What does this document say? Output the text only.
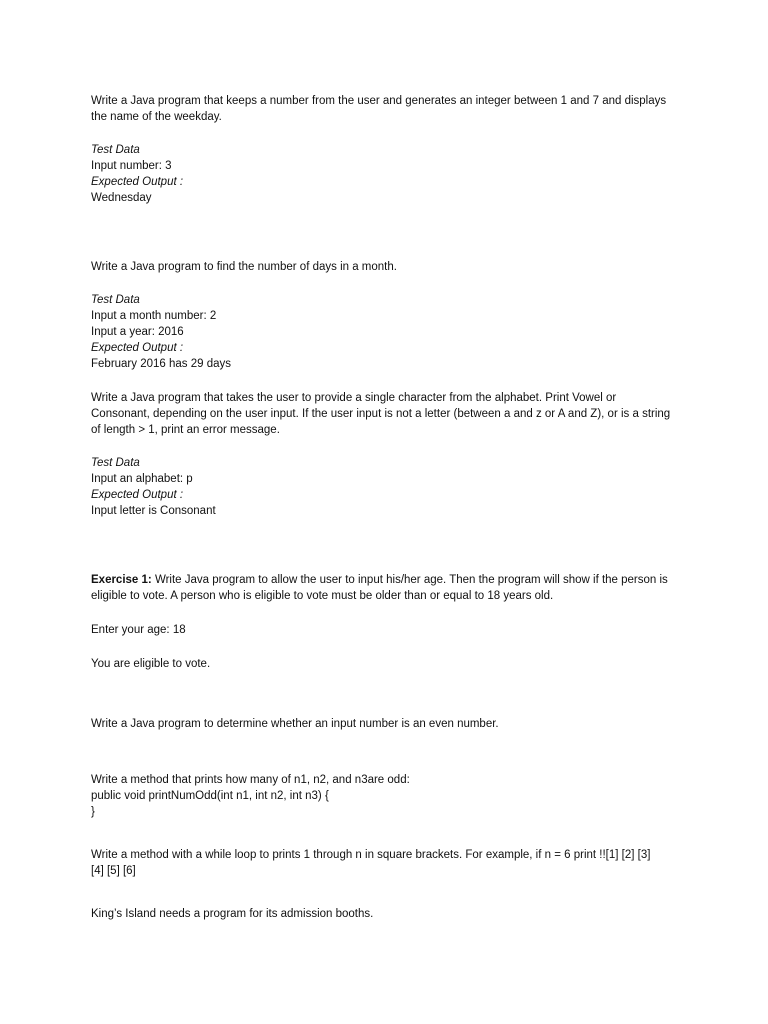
Write a Java program that keeps a number from the user and generates an integer between 1 and 7 and displays

the name of the weekday.

Test Data

Input number: 3

Expected Output :

Wednesday

Write a Java program to find the number of days in a month.

Test Data

Input a month number: 2

Input a year: 2016

Expected Output :

February 2016 has 29 days

Write a Java program that takes the user to provide a single character from the alphabet. Print Vowel or

Consonant, depending on the user input. If the user input is not a letter (between a and z or A and Z), or is a string

of length > 1, print an error message.

Test Data

Input an alphabet: p

Expected Output :

Input letter is Consonant

Exercise 1: Write Java program to allow the user to input his/her age. Then the program will show if the person is

eligible to vote. A person who is eligible to vote must be older than or equal to 18 years old.

Enter your age: 18

You are eligible to vote.

Write a Java program to determine whether an input number is an even number.

Write a method that prints how many of n1, n2, and n3are odd:

public void printNumOdd(int n1, int n2, int n3) {

}

Write a method with a while loop to prints 1 through n in square brackets. For example, if n = 6 print !![1] [2] [3]

[4] [5] [6]

King’s Island needs a program for its admission booths.
